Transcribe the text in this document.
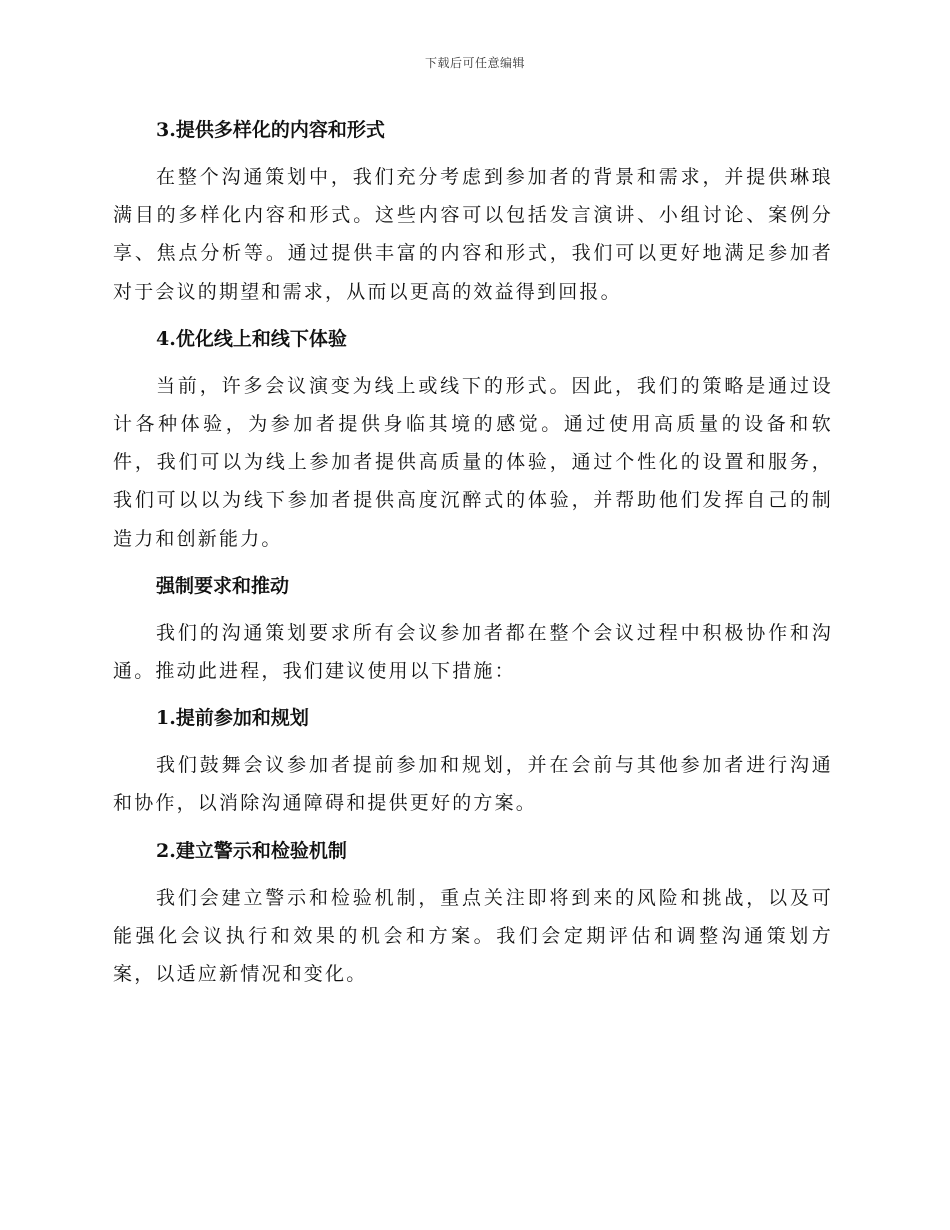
下载后可任意编辑
3.提供多样化的内容和形式
在整个沟通策划中，我们充分考虑到参加者的背景和需求，并提供琳琅满目的多样化内容和形式。这些内容可以包括发言演讲、小组讨论、案例分享、焦点分析等。通过提供丰富的内容和形式，我们可以更好地满足参加者对于会议的期望和需求，从而以更高的效益得到回报。
4.优化线上和线下体验
当前，许多会议演变为线上或线下的形式。因此，我们的策略是通过设计各种体验，为参加者提供身临其境的感觉。通过使用高质量的设备和软件，我们可以为线上参加者提供高质量的体验，通过个性化的设置和服务，我们可以以为线下参加者提供高度沉醉式的体验，并帮助他们发挥自己的制造力和创新能力。
强制要求和推动
我们的沟通策划要求所有会议参加者都在整个会议过程中积极协作和沟通。推动此进程，我们建议使用以下措施：
1.提前参加和规划
我们鼓舞会议参加者提前参加和规划，并在会前与其他参加者进行沟通和协作，以消除沟通障碍和提供更好的方案。
2.建立警示和检验机制
我们会建立警示和检验机制，重点关注即将到来的风险和挑战，以及可能强化会议执行和效果的机会和方案。我们会定期评估和调整沟通策划方案，以适应新情况和变化。
